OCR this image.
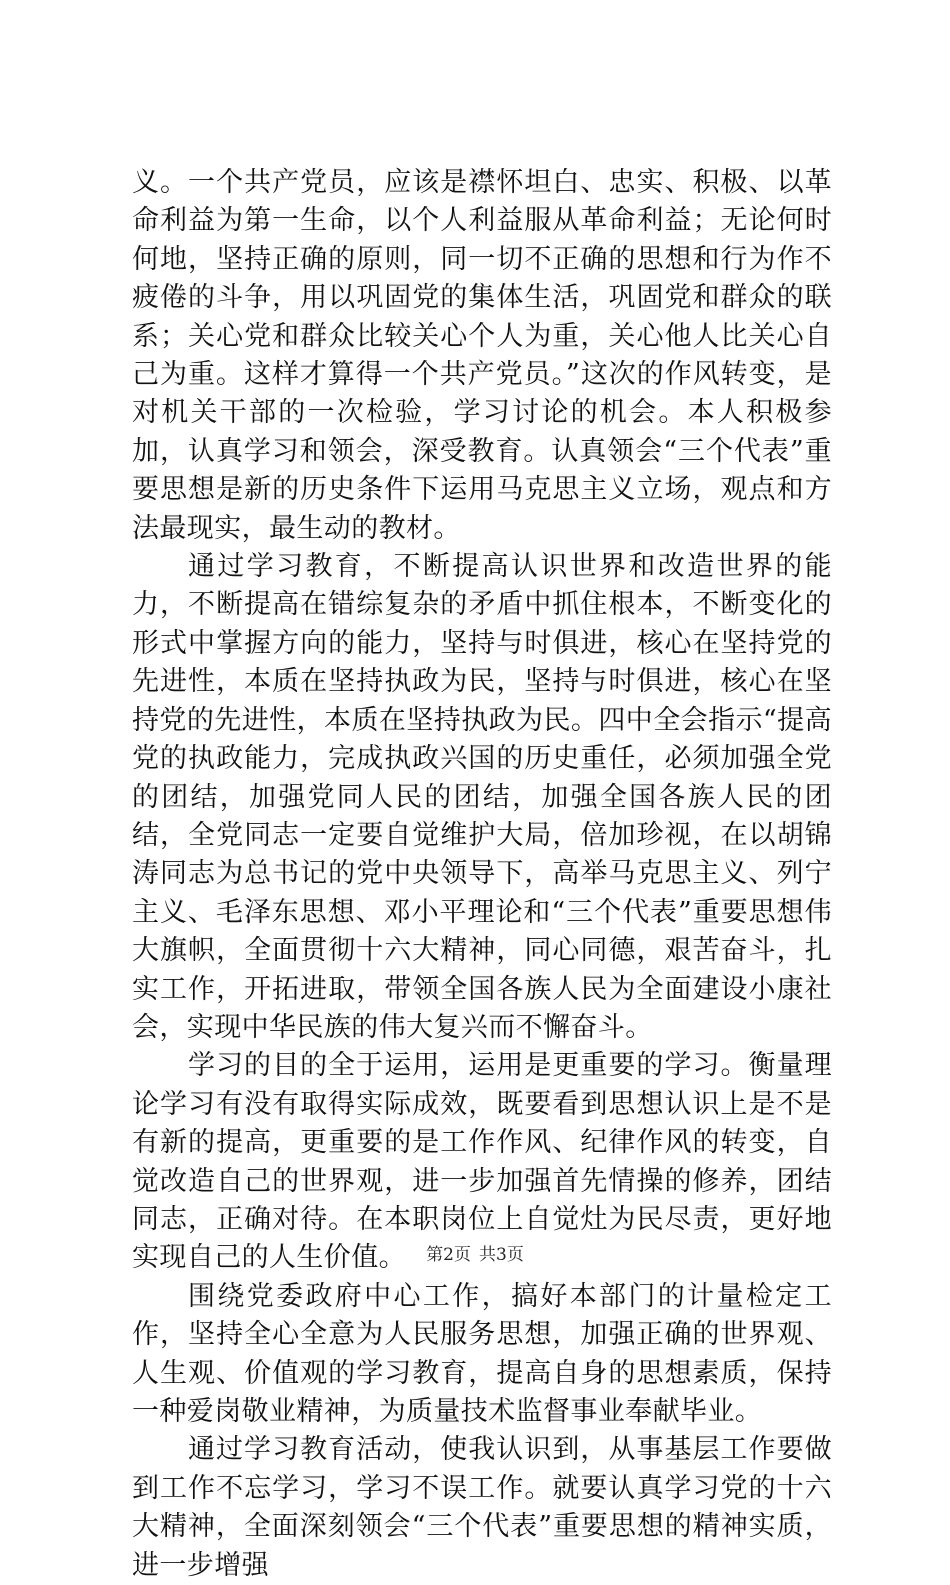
义。一个共产党员，应该是襟怀坦白、忠实、积极、以革命利益为第一生命，以个人利益服从革命利益；无论何时何地，坚持正确的原则，同一切不正确的思想和行为作不疲倦的斗争，用以巩固党的集体生活，巩固党和群众的联系；关心党和群众比较关心个人为重，关心他人比关心自己为重。这样才算得一个共产党员。”这次的作风转变，是对机关干部的一次检验，学习讨论的机会。本人积极参加，认真学习和领会，深受教育。认真领会“三个代表”重要思想是新的历史条件下运用马克思主义立场，观点和方法最现实，最生动的教材。

通过学习教育，不断提高认识世界和改造世界的能力，不断提高在错综复杂的矛盾中抓住根本，不断变化的形式中掌握方向的能力，坚持与时俱进，核心在坚持党的先进性，本质在坚持执政为民，坚持与时俱进，核心在坚持党的先进性，本质在坚持执政为民。四中全会指示“提高党的执政能力，完成执政兴国的历史重任，必须加强全党的团结，加强党同人民的团结，加强全国各族人民的团结，全党同志一定要自觉维护大局，倍加珍视，在以胡锦涛同志为总书记的党中央领导下，高举马克思主义、列宁主义、毛泽东思想、邓小平理论和“三个代表”重要思想伟大旗帜，全面贯彻十六大精神，同心同德，艰苦奋斗，扎实工作，开拓进取，带领全国各族人民为全面建设小康社会，实现中华民族的伟大复兴而不懈奋斗。

学习的目的全于运用，运用是更重要的学习。衡量理论学习有没有取得实际成效，既要看到思想认识上是不是有新的提高，更重要的是工作作风、纪律作风的转变，自觉改造自己的世界观，进一步加强首先情操的修养，团结同志，正确对待。在本职岗位上自觉灶为民尽责，更好地实现自己的人生价值。

围绕党委政府中心工作，搞好本部门的计量检定工作，坚持全心全意为人民服务思想，加强正确的世界观、人生观、价值观的学习教育，提高自身的思想素质，保持一种爱岗敬业精神，为质量技术监督事业奉献毕业。

通过学习教育活动，使我认识到，从事基层工作要做到工作不忘学习，学习不误工作。就要认真学习党的十六大精神，全面深刻领会“三个代表”重要思想的精神实质，进一步增强

第2页 共3页
